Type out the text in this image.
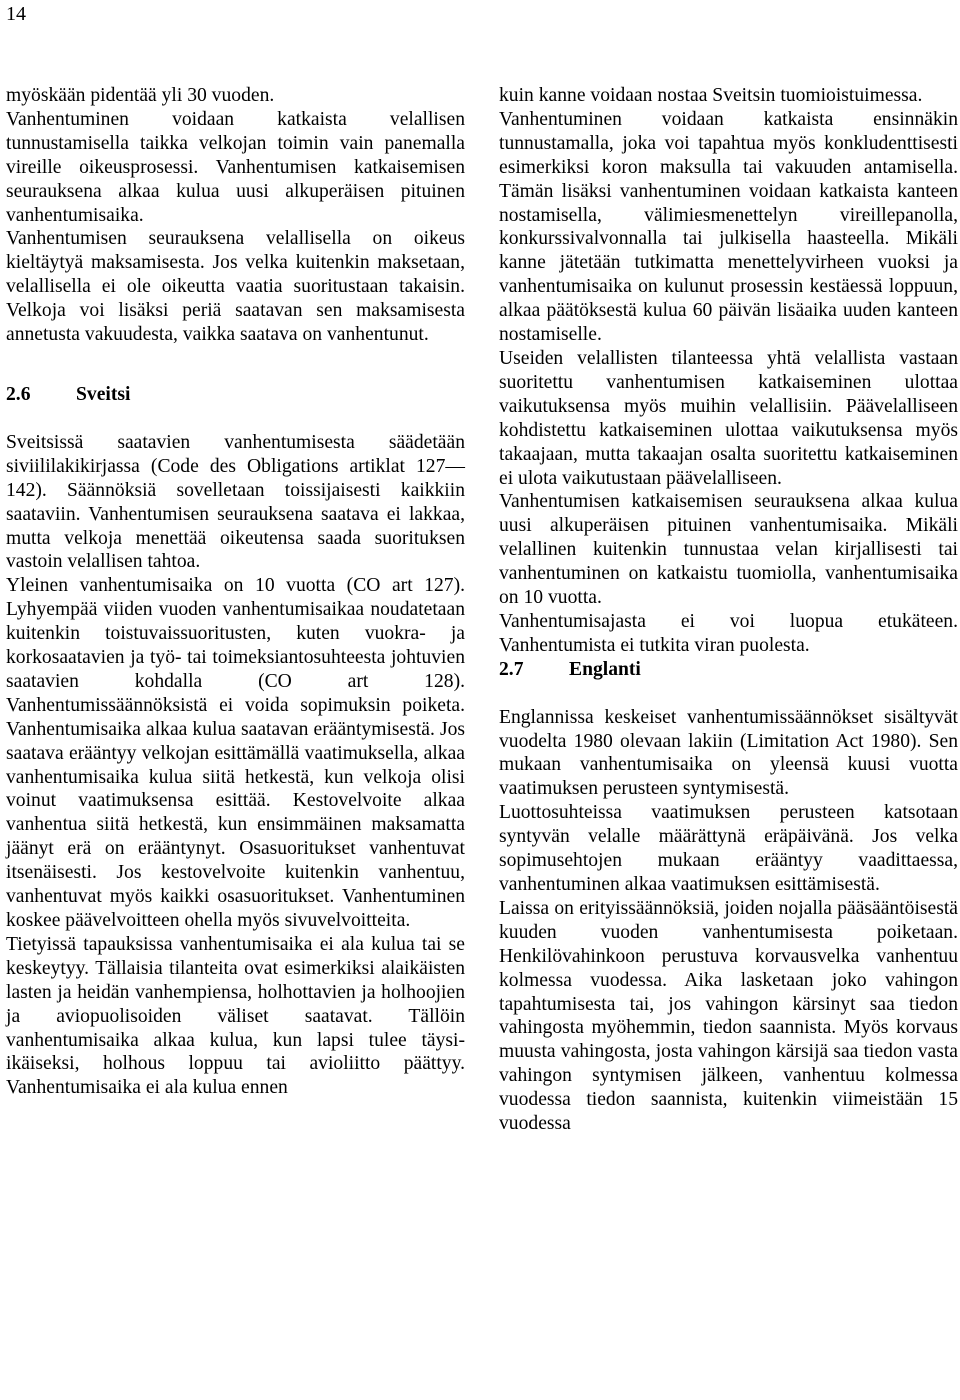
14

myöskään pidentää yli 30 vuoden.

Vanhentuminen voidaan katkaista velallisen tunnustamisella taikka velkojan toimin vain panemalla vireille oikeusprosessi. Vanhentumisen katkaisemisen seurauksena alkaa kulua uusi alkuperäisen pituinen vanhentumisaika.

Vanhentumisen seurauksena velallisella on oikeus kieltäytyä maksamisesta. Jos velka kuitenkin maksetaan, velallisella ei ole oikeutta vaatia suoritustaan takaisin. Velkoja voi lisäksi periä saatavan sen maksamisesta annetusta vakuudesta, vaikka saatava on vanhentunut.

2.6	Sveitsi

Sveitsissä saatavien vanhentumisesta säädetään siviililakikirjassa (Code des Obligations artiklat 127—142). Säännöksiä sovelletaan toissijaisesti kaikkiin saataviin. Vanhentumisen seurauksena saatava ei lakkaa, mutta velkoja menettää oikeutensa saada suorituksen vastoin velallisen tahtoa.

Yleinen vanhentumisaika on 10 vuotta (CO art 127). Lyhyempää viiden vuoden vanhentumisaikaa noudatetaan kuitenkin toistuvaissuoritusten, kuten vuokra- ja korkosaatavien ja työ- tai toimeksiantosuhteesta johtuvien saatavien kohdalla (CO art 128). Vanhentumissäännöksistä ei voida sopimuksin poiketa. Vanhentumisaika alkaa kulua saatavan erääntymisestä. Jos saatava erääntyy velkojan esittämällä vaatimuksella, alkaa vanhentumisaika kulua siitä hetkestä, kun velkoja olisi voinut vaatimuksensa esittää. Kestovelvoite alkaa vanhentua siitä hetkestä, kun ensimmäinen maksamatta jäänyt erä on erääntynyt. Osasuoritukset vanhentuvat itsenäisesti. Jos kestovelvoite kuitenkin vanhentuu, vanhentuvat myös kaikki osasuoritukset. Vanhentuminen koskee päävelvoitteen ohella myös sivuvelvoitteita.

Tietyissä tapauksissa vanhentumisaika ei ala kulua tai se keskeytyy. Tällaisia tilanteita ovat esimerkiksi alaikäisten lasten ja heidän vanhempiensa, holhottavien ja holhoojien ja aviopuolisoiden väliset saatavat. Tällöin vanhentumisaika alkaa kulua, kun lapsi tulee täysi-ikäiseksi, holhous loppuu tai avioliitto päättyy. Vanhentumisaika ei ala kulua ennen

kuin kanne voidaan nostaa Sveitsin tuomioistuimessa.

Vanhentuminen voidaan katkaista ensinnäkin tunnustamalla, joka voi tapahtua myös konkludenttisesti esimerkiksi koron maksulla tai vakuuden antamisella. Tämän lisäksi vanhentuminen voidaan katkaista kanteen nostamisella, välimiesmenettelyn vireillepanolla, konkurssivalvonnalla tai julkisella haasteella. Mikäli kanne jätetään tutkimatta menettelyvirheen vuoksi ja vanhentumisaika on kulunut prosessin kestäessä loppuun, alkaa päätöksestä kulua 60 päivän lisäaika uuden kanteen nostamiselle.

Useiden velallisten tilanteessa yhtä velallista vastaan suoritettu vanhentumisen katkaiseminen ulottaa vaikutuksensa myös muihin velallisiin. Päävelalliseen kohdistettu katkaiseminen ulottaa vaikutuksensa myös takaajaan, mutta takaajan osalta suoritettu katkaiseminen ei ulota vaikutustaan päävelalliseen.

Vanhentumisen katkaisemisen seurauksena alkaa kulua uusi alkuperäisen pituinen vanhentumisaika. Mikäli velallinen kuitenkin tunnustaa velan kirjallisesti tai vanhentuminen on katkaistu tuomiolla, vanhentumisaika on 10 vuotta.

Vanhentumisajasta ei voi luopua etukäteen. Vanhentumista ei tutkita viran puolesta.

2.7	Englanti

Englannissa keskeiset vanhentumissäännökset sisältyvät vuodelta 1980 olevaan lakiin (Limitation Act 1980). Sen mukaan vanhentumisaika on yleensä kuusi vuotta vaatimuksen perusteen syntymisestä.

Luottosuhteissa vaatimuksen perusteen katsotaan syntyvän velalle määrättynä eräpäivänä. Jos velka sopimusehtojen mukaan erääntyy vaadittaessa, vanhentuminen alkaa vaatimuksen esittämisestä.

Laissa on erityissäännöksiä, joiden nojalla pääsääntöisestä kuuden vuoden vanhentumisesta poiketaan. Henkilövahinkoon perustuva korvausvelka vanhentuu kolmessa vuodessa. Aika lasketaan joko vahingon tapahtumisesta tai, jos vahingon kärsinyt saa tiedon vahingosta myöhemmin, tiedon saannista. Myös korvaus muusta vahingosta, josta vahingon kärsijä saa tiedon vasta vahingon syntymisen jälkeen, vanhentuu kolmessa vuodessa tiedon saannista, kuitenkin viimeistään 15 vuodessa
